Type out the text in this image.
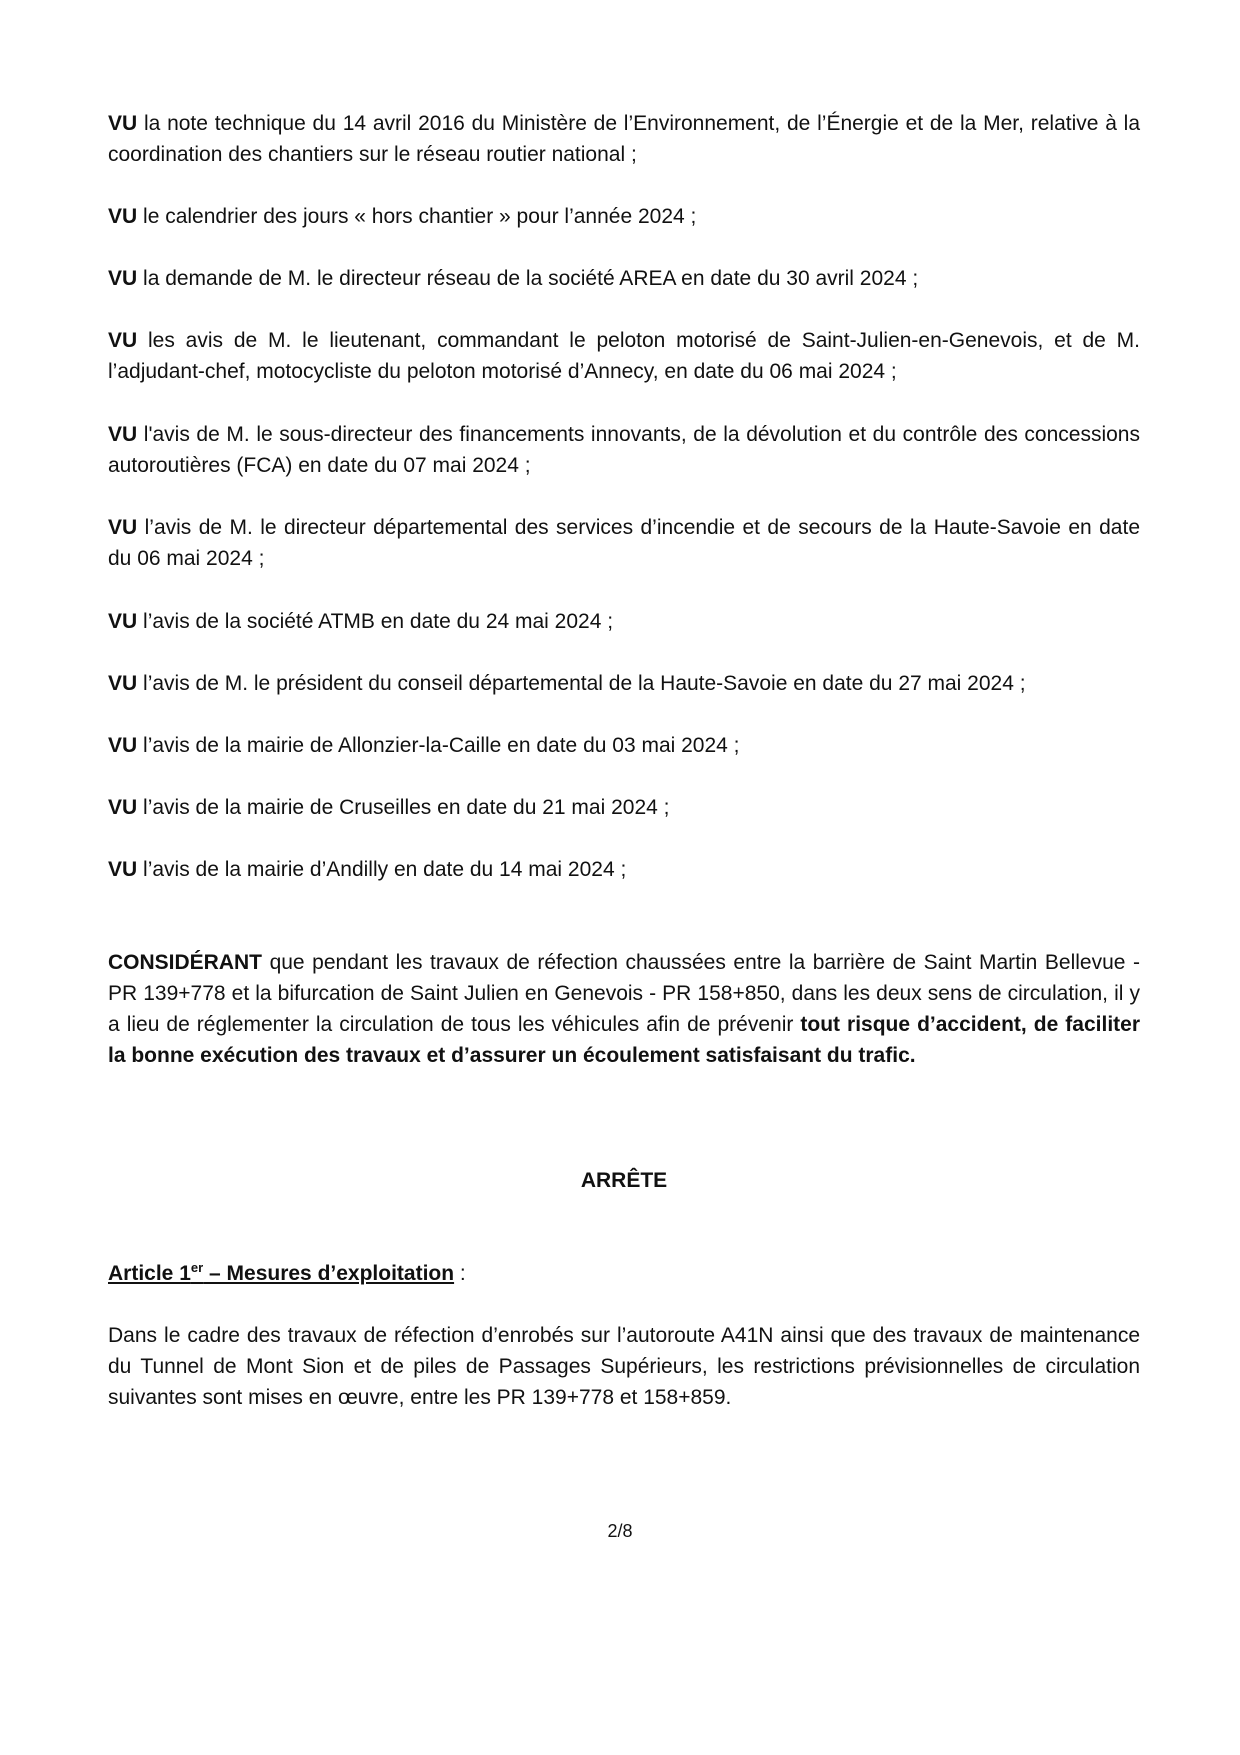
VU la note technique du 14 avril 2016 du Ministère de l’Environnement, de l’Énergie et de la Mer, relative à la coordination des chantiers sur le réseau routier national ;

VU le calendrier des jours « hors chantier » pour l’année 2024 ;

VU la demande de M. le directeur réseau de la société AREA en date du 30 avril 2024 ;

VU les avis de M. le lieutenant, commandant le peloton motorisé de Saint-Julien-en-Genevois, et de M. l’adjudant-chef, motocycliste du peloton motorisé d’Annecy, en date du 06 mai 2024 ;

VU l'avis de M. le sous-directeur des financements innovants, de la dévolution et du contrôle des concessions autoroutières (FCA) en date du 07 mai 2024 ;

VU l’avis de M. le directeur départemental des services d’incendie et de secours de la Haute-Savoie en date du 06 mai 2024 ;

VU l’avis de la société ATMB en date du 24 mai 2024 ;

VU l’avis de M. le président du conseil départemental de la Haute-Savoie en date du 27 mai 2024 ;

VU l’avis de la mairie de Allonzier-la-Caille en date du 03 mai 2024 ;

VU l’avis de la mairie de Cruseilles en date du 21 mai 2024 ;

VU l’avis de la mairie d’Andilly en date du 14 mai 2024 ;

CONSIDÉRANT que pendant les travaux de réfection chaussées entre la barrière de Saint Martin Bellevue - PR 139+778 et la bifurcation de Saint Julien en Genevois - PR 158+850, dans les deux sens de circulation, il y a lieu de réglementer la circulation de tous les véhicules afin de prévenir tout risque d’accident, de faciliter la bonne exécution des travaux et d’assurer un écoulement satisfaisant du trafic.

ARRÊTE

Article 1er – Mesures d’exploitation :

Dans le cadre des travaux de réfection d’enrobés sur l’autoroute A41N ainsi que des travaux de maintenance du Tunnel de Mont Sion et de piles de Passages Supérieurs, les restrictions prévisionnelles de circulation suivantes sont mises en œuvre, entre les PR 139+778 et 158+859.

2/8
